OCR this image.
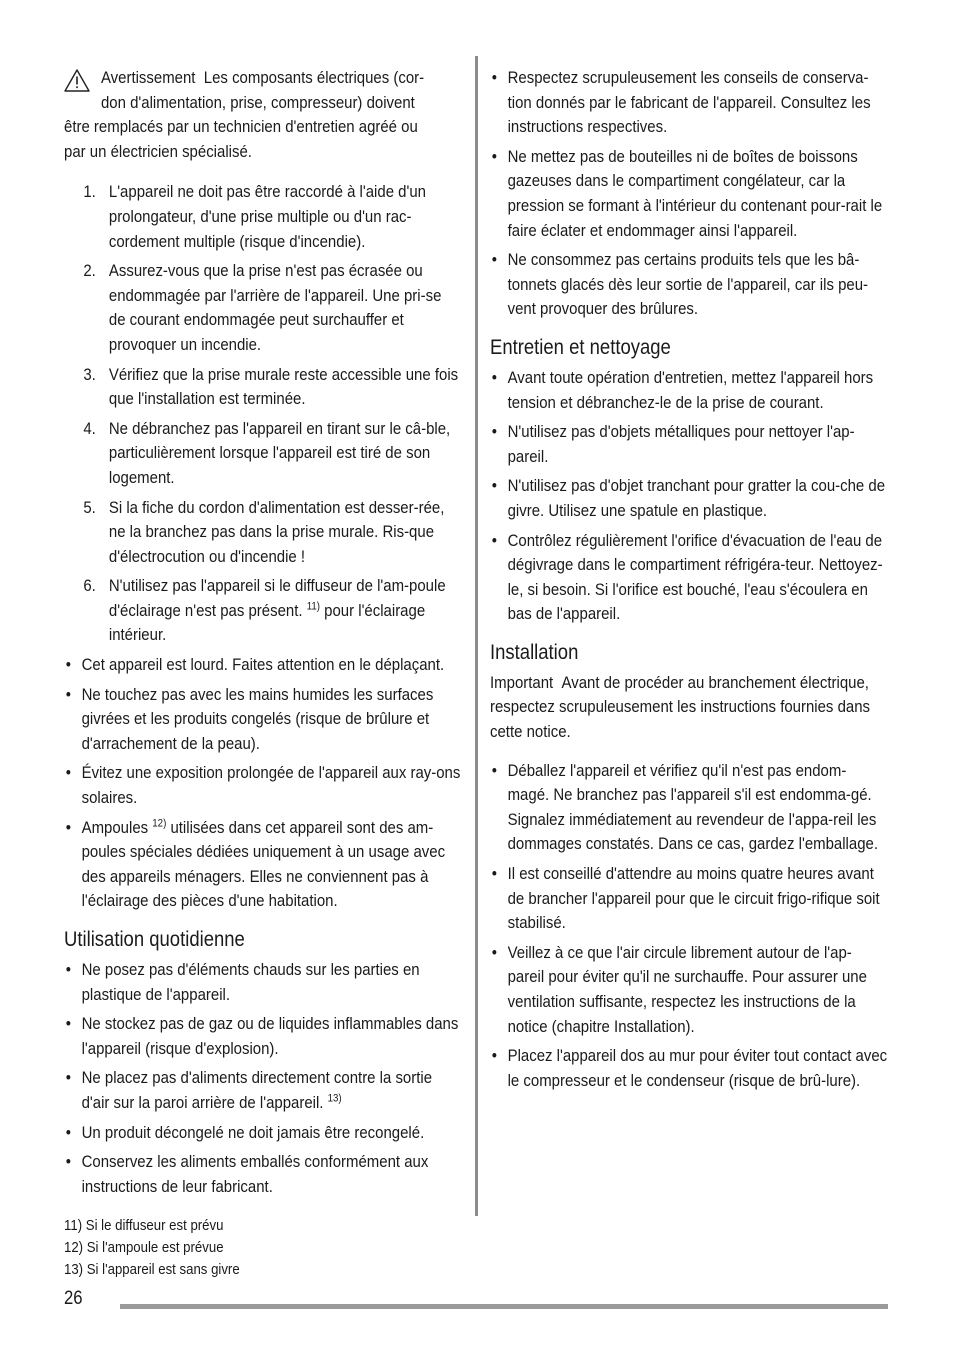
Avertissement Les composants électriques (cor-
don d'alimentation, prise, compresseur) doivent
être remplacés par un technicien d'entretien agréé ou
par un électricien spécialisé.
1. L'appareil ne doit pas être raccordé à l'aide d'un prolongateur, d'une prise multiple ou d'un rac-cordement multiple (risque d'incendie).
2. Assurez-vous que la prise n'est pas écrasée ou endommagée par l'arrière de l'appareil. Une pri-se de courant endommagée peut surchauffer et provoquer un incendie.
3. Vérifiez que la prise murale reste accessible une fois que l'installation est terminée.
4. Ne débranchez pas l'appareil en tirant sur le câ-ble, particulièrement lorsque l'appareil est tiré de son logement.
5. Si la fiche du cordon d'alimentation est desser-rée, ne la branchez pas dans la prise murale. Ris-que d'électrocution ou d'incendie !
6. N'utilisez pas l'appareil si le diffuseur de l'am-poule d'éclairage n'est pas présent. $^{11)}$ pour l'éclairage intérieur.
• Cet appareil est lourd. Faites attention en le déplaçant.
• Ne touchez pas avec les mains humides les surfaces givrées et les produits congelés (risque de brûlure et d'arrachement de la peau).
• Évitez une exposition prolongée de l'appareil aux ray-ons solaires.
• Ampoules $^{12)}$ utilisées dans cet appareil sont des am-poules spéciales dédiées uniquement à un usage avec des appareils ménagers. Elles ne conviennent pas à l'éclairage des pièces d'une habitation.
Utilisation quotidienne
• Ne posez pas d'éléments chauds sur les parties en plastique de l'appareil.
• Ne stockez pas de gaz ou de liquides inflammables dans l'appareil (risque d'explosion).
• Ne placez pas d'aliments directement contre la sortie d'air sur la paroi arrière de l'appareil. $^{13)}$
• Un produit décongelé ne doit jamais être recongelé.
• Conservez les aliments emballés conformément aux instructions de leur fabricant.
• Respectez scrupuleusement les conseils de conserva-tion donnés par le fabricant de l'appareil. Consultez les instructions respectives.
• Ne mettez pas de bouteilles ni de boîtes de boissons gazeuses dans le compartiment congélateur, car la pression se formant à l'intérieur du contenant pour-rait le faire éclater et endommager ainsi l'appareil.
• Ne consommez pas certains produits tels que les bâ-tonnets glacés dès leur sortie de l'appareil, car ils peu-vent provoquer des brûlures.
Entretien et nettoyage
• Avant toute opération d'entretien, mettez l'appareil hors tension et débranchez-le de la prise de courant.
• N'utilisez pas d'objets métalliques pour nettoyer l'ap-pareil.
• N'utilisez pas d'objet tranchant pour gratter la cou-che de givre. Utilisez une spatule en plastique.
• Contrôlez régulièrement l'orifice d'évacuation de l'eau de dégivrage dans le compartiment réfrigéra-teur. Nettoyez-le, si besoin. Si l'orifice est bouché, l'eau s'écoulera en bas de l'appareil.
Installation
Important Avant de procéder au branchement électrique, respectez scrupuleusement les instructions fournies dans cette notice.
• Déballez l'appareil et vérifiez qu'il n'est pas endom-magé. Ne branchez pas l'appareil s'il est endomma-gé. Signalez immédiatement au revendeur de l'appa-reil les dommages constatés. Dans ce cas, gardez l'emballage.
• Il est conseillé d'attendre au moins quatre heures avant de brancher l'appareil pour que le circuit frigo-rifique soit stabilisé.
• Veillez à ce que l'air circule librement autour de l'ap-pareil pour éviter qu'il ne surchauffe. Pour assurer une ventilation suffisante, respectez les instructions de la notice (chapitre Installation).
• Placez l'appareil dos au mur pour éviter tout contact avec le compresseur et le condenseur (risque de brû-lure).
11) Si le diffuseur est prévu
12) Si l'ampoule est prévue
13) Si l'appareil est sans givre
26
